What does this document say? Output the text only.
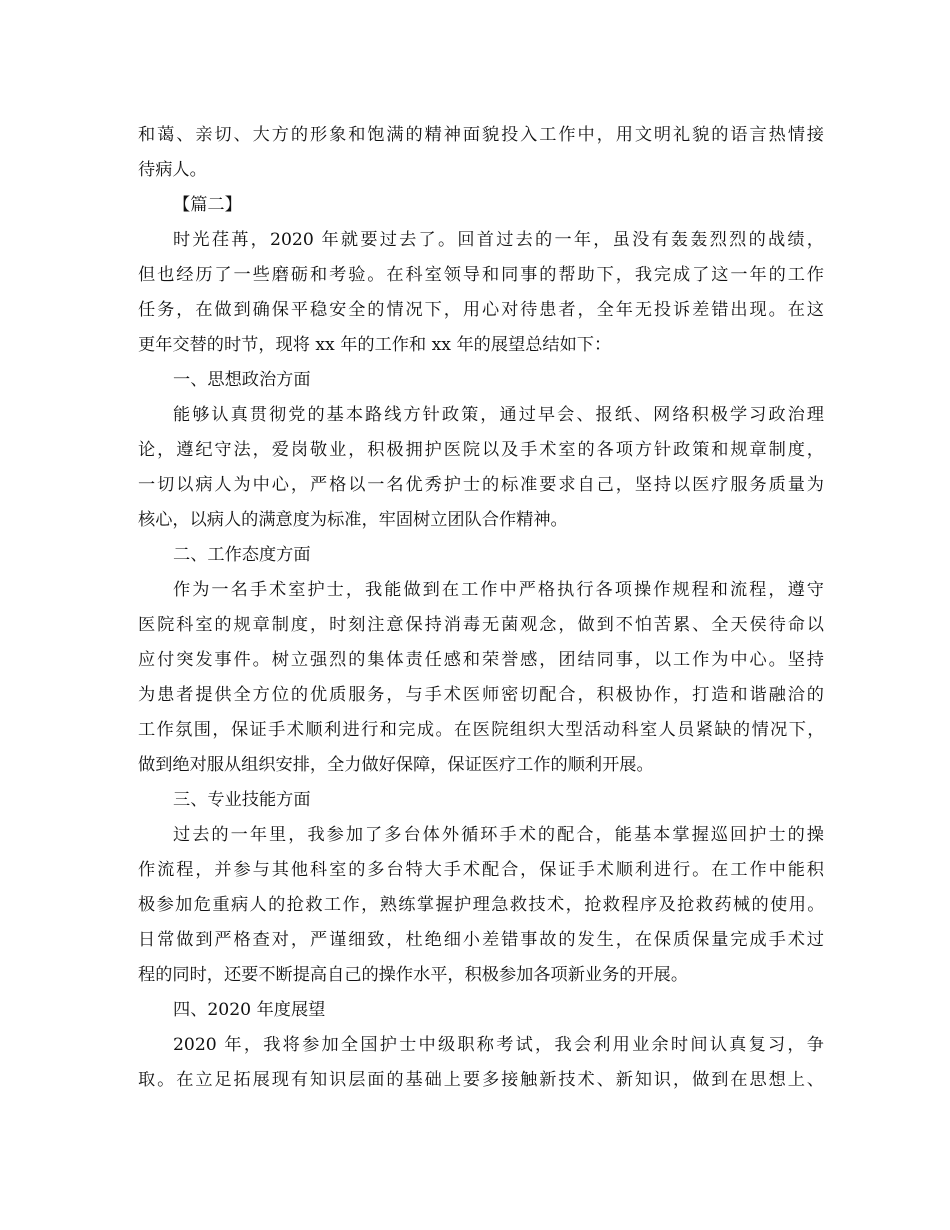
和蔼、亲切、大方的形象和饱满的精神面貌投入工作中，用文明礼貌的语言热情接
待病人。
【篇二】
时光荏苒，2020 年就要过去了。回首过去的一年，虽没有轰轰烈烈的战绩，
但也经历了一些磨砺和考验。在科室领导和同事的帮助下，我完成了这一年的工作
任务，在做到确保平稳安全的情况下，用心对待患者，全年无投诉差错出现。在这
更年交替的时节，现将 xx 年的工作和 xx 年的展望总结如下：
一、思想政治方面
能够认真贯彻党的基本路线方针政策，通过早会、报纸、网络积极学习政治理
论，遵纪守法，爱岗敬业，积极拥护医院以及手术室的各项方针政策和规章制度，
一切以病人为中心，严格以一名优秀护士的标准要求自己，坚持以医疗服务质量为
核心，以病人的满意度为标准，牢固树立团队合作精神。
二、工作态度方面
作为一名手术室护士，我能做到在工作中严格执行各项操作规程和流程，遵守
医院科室的规章制度，时刻注意保持消毒无菌观念，做到不怕苦累、全天侯待命以
应付突发事件。树立强烈的集体责任感和荣誉感，团结同事，以工作为中心。坚持
为患者提供全方位的优质服务，与手术医师密切配合，积极协作，打造和谐融洽的
工作氛围，保证手术顺利进行和完成。在医院组织大型活动科室人员紧缺的情况下，
做到绝对服从组织安排，全力做好保障，保证医疗工作的顺利开展。
三、专业技能方面
过去的一年里，我参加了多台体外循环手术的配合，能基本掌握巡回护士的操
作流程，并参与其他科室的多台特大手术配合，保证手术顺利进行。在工作中能积
极参加危重病人的抢救工作，熟练掌握护理急救技术，抢救程序及抢救药械的使用。
日常做到严格查对，严谨细致，杜绝细小差错事故的发生，在保质保量完成手术过
程的同时，还要不断提高自己的操作水平，积极参加各项新业务的开展。
四、2020 年度展望
2020 年，我将参加全国护士中级职称考试，我会利用业余时间认真复习，争
取。在立足拓展现有知识层面的基础上要多接触新技术、新知识，做到在思想上、
